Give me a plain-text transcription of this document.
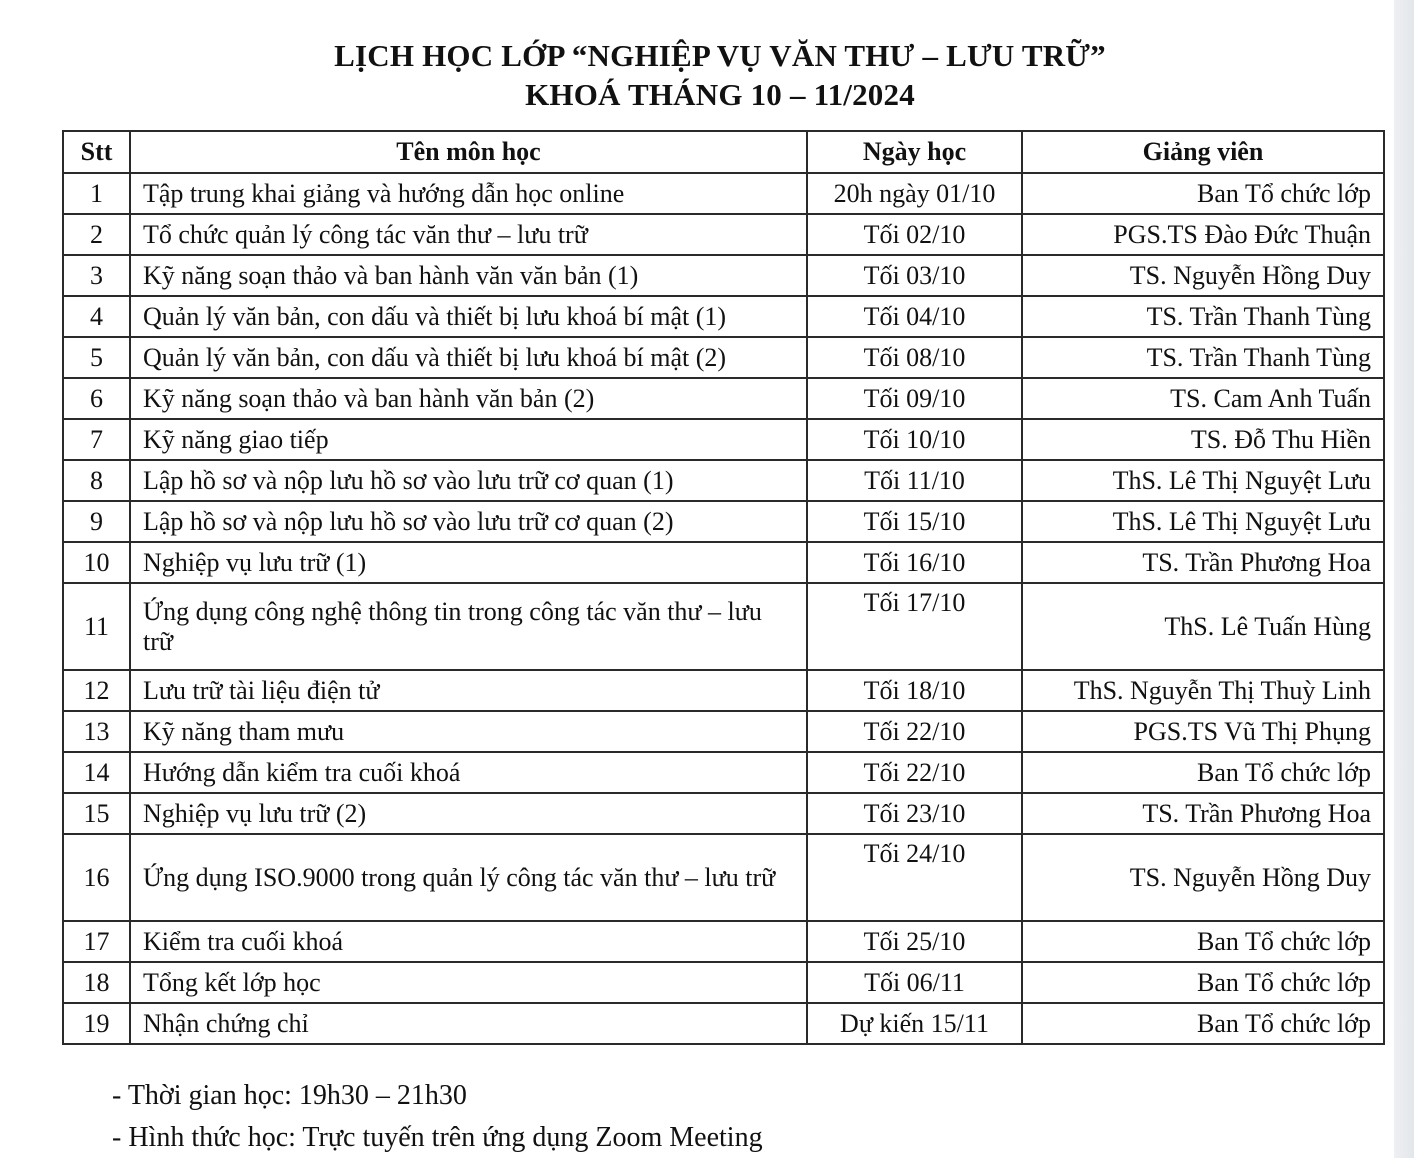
LỊCH HỌC LỚP “NGHIỆP VỤ VĂN THƯ – LƯU TRỮ”
KHOÁ THÁNG 10 – 11/2024
Stt	Tên môn học	Ngày học	Giảng viên
1	Tập trung khai giảng và hướng dẫn học online	20h ngày 01/10	Ban Tổ chức lớp
2	Tổ chức quản lý công tác văn thư – lưu trữ	Tối 02/10	PGS.TS Đào Đức Thuận
3	Kỹ năng soạn thảo và ban hành văn văn bản (1)	Tối 03/10	TS. Nguyễn Hồng Duy
4	Quản lý văn bản, con dấu và thiết bị lưu khoá bí mật (1)	Tối 04/10	TS. Trần Thanh Tùng
5	Quản lý văn bản, con dấu và thiết bị lưu khoá bí mật (2)	Tối 08/10	TS. Trần Thanh Tùng
6	Kỹ năng soạn thảo và ban hành văn bản (2)	Tối 09/10	TS. Cam Anh Tuấn
7	Kỹ năng giao tiếp	Tối 10/10	TS. Đỗ Thu Hiền
8	Lập hồ sơ và nộp lưu hồ sơ vào lưu trữ cơ quan (1)	Tối 11/10	ThS. Lê Thị Nguyệt Lưu
9	Lập hồ sơ và nộp lưu hồ sơ vào lưu trữ cơ quan (2)	Tối 15/10	ThS. Lê Thị Nguyệt Lưu
10	Nghiệp vụ lưu trữ (1)	Tối 16/10	TS. Trần Phương Hoa
11	Ứng dụng công nghệ thông tin trong công tác văn thư – lưu trữ	Tối 17/10	ThS. Lê Tuấn Hùng
12	Lưu trữ tài liệu điện tử	Tối 18/10	ThS. Nguyễn Thị Thuỳ Linh
13	Kỹ năng tham mưu	Tối 22/10	PGS.TS Vũ Thị Phụng
14	Hướng dẫn kiểm tra cuối khoá	Tối 22/10	Ban Tổ chức lớp
15	Nghiệp vụ lưu trữ (2)	Tối 23/10	TS. Trần Phương Hoa
16	Ứng dụng ISO.9000 trong quản lý công tác văn thư – lưu trữ	Tối 24/10	TS. Nguyễn Hồng Duy
17	Kiểm tra cuối khoá	Tối 25/10	Ban Tổ chức lớp
18	Tổng kết lớp học	Tối 06/11	Ban Tổ chức lớp
19	Nhận chứng chỉ	Dự kiến 15/11	Ban Tổ chức lớp
- Thời gian học: 19h30 – 21h30
- Hình thức học: Trực tuyến trên ứng dụng Zoom Meeting
